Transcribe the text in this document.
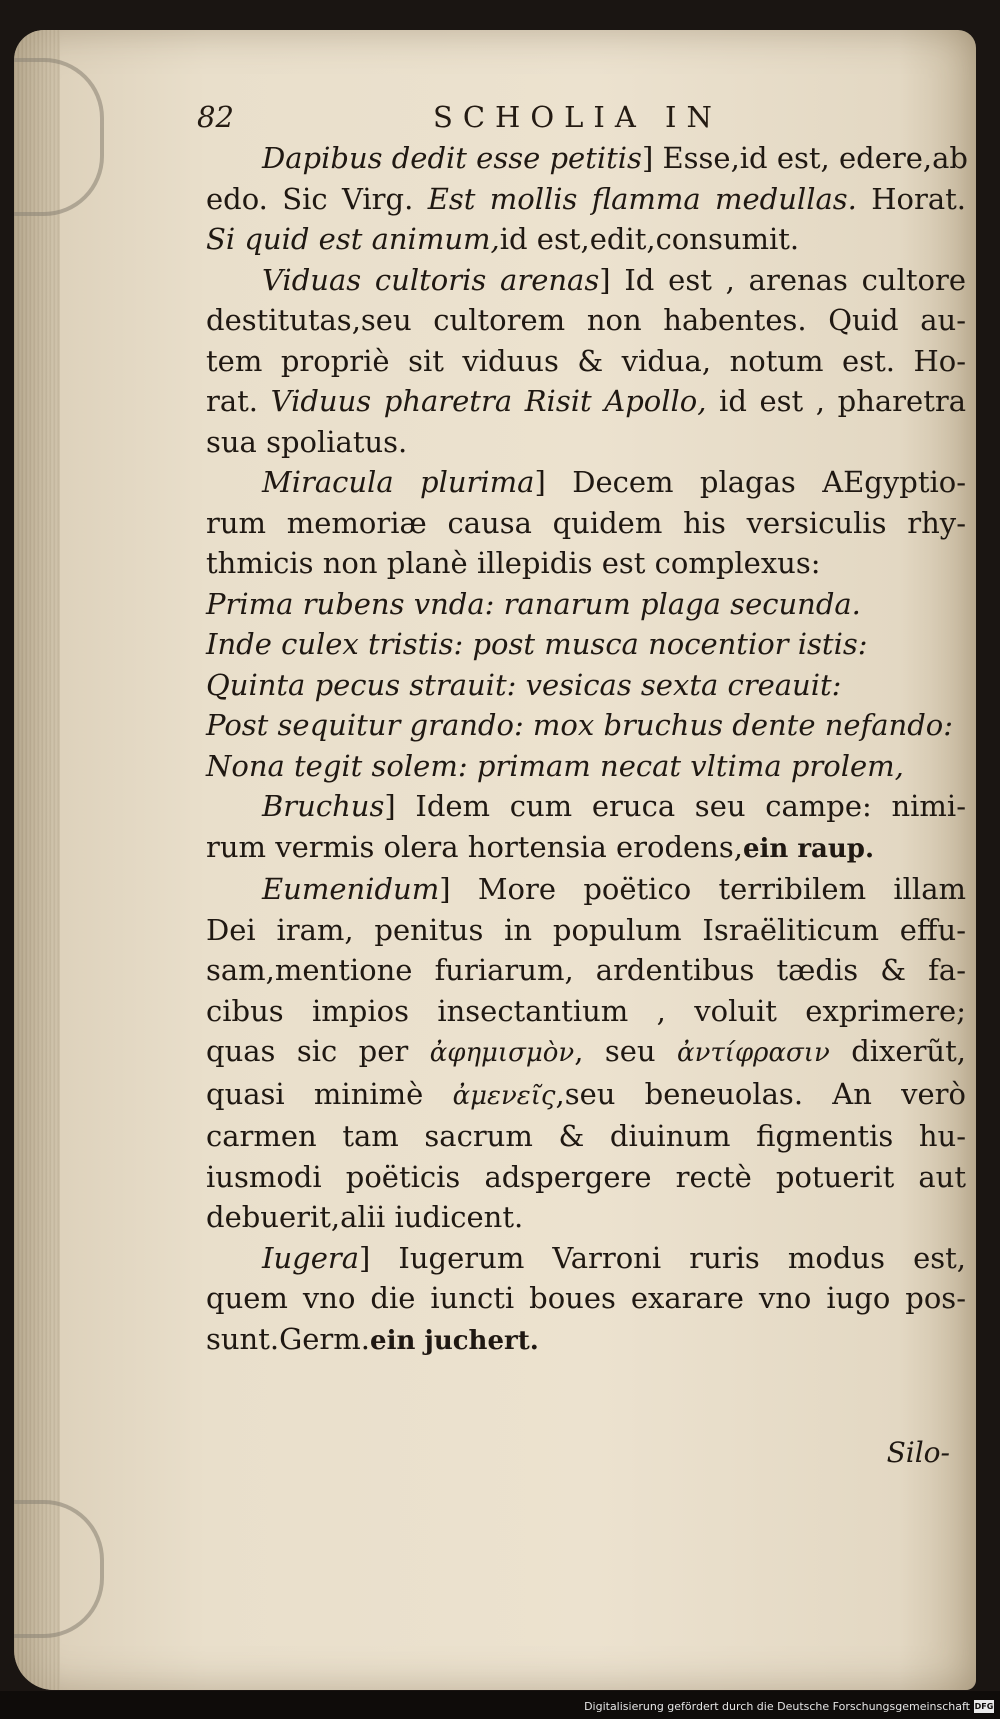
82	SCHOLIA IN
Dapibus dedit esse petitis] Esse,id est, edere,ab
edo. Sic Virg. Est mollis flamma medullas. Horat.
Si quid est animum,id est,edit,consumit.
Viduas cultoris arenas] Id est , arenas cultore
destitutas,seu cultorem non habentes. Quid au-
tem propriè sit viduus & vidua, notum est. Ho-
rat. Viduus pharetra Risit Apollo, id est , pharetra
sua spoliatus.
Miracula plurima] Decem plagas AEgyptio-
rum memoriæ causa quidem his versiculis rhy-
thmicis non planè illepidis est complexus:
Prima rubens vnda: ranarum plaga secunda.
Inde culex tristis: post musca nocentior istis:
Quinta pecus strauit: vesicas sexta creauit:
Post sequitur grando: mox bruchus dente nefando:
Nona tegit solem: primam necat vltima prolem,
Bruchus] Idem cum eruca seu campe: nimi-
rum vermis olera hortensia erodens,ein raup.
Eumenidum] More poëtico terribilem illam
Dei iram, penitus in populum Israëliticum effu-
sam,mentione furiarum, ardentibus tædis & fa-
cibus impios insectantium , voluit exprimere;
quas sic per ἀφημισμὸν, seu ἀντίφρασιν dixerũt,
quasi minimè ἀμενεῖς,seu beneuolas. An verò
carmen tam sacrum & diuinum figmentis hu-
iusmodi poëticis adspergere rectè potuerit aut
debuerit,alii iudicent.
Iugera] Iugerum Varroni ruris modus est,
quem vno die iuncti boues exarare vno iugo pos-
sunt.Germ.ein juchert.
Silo-
Digitalisierung gefördert durch die Deutsche Forschungsgemeinschaft DFG
